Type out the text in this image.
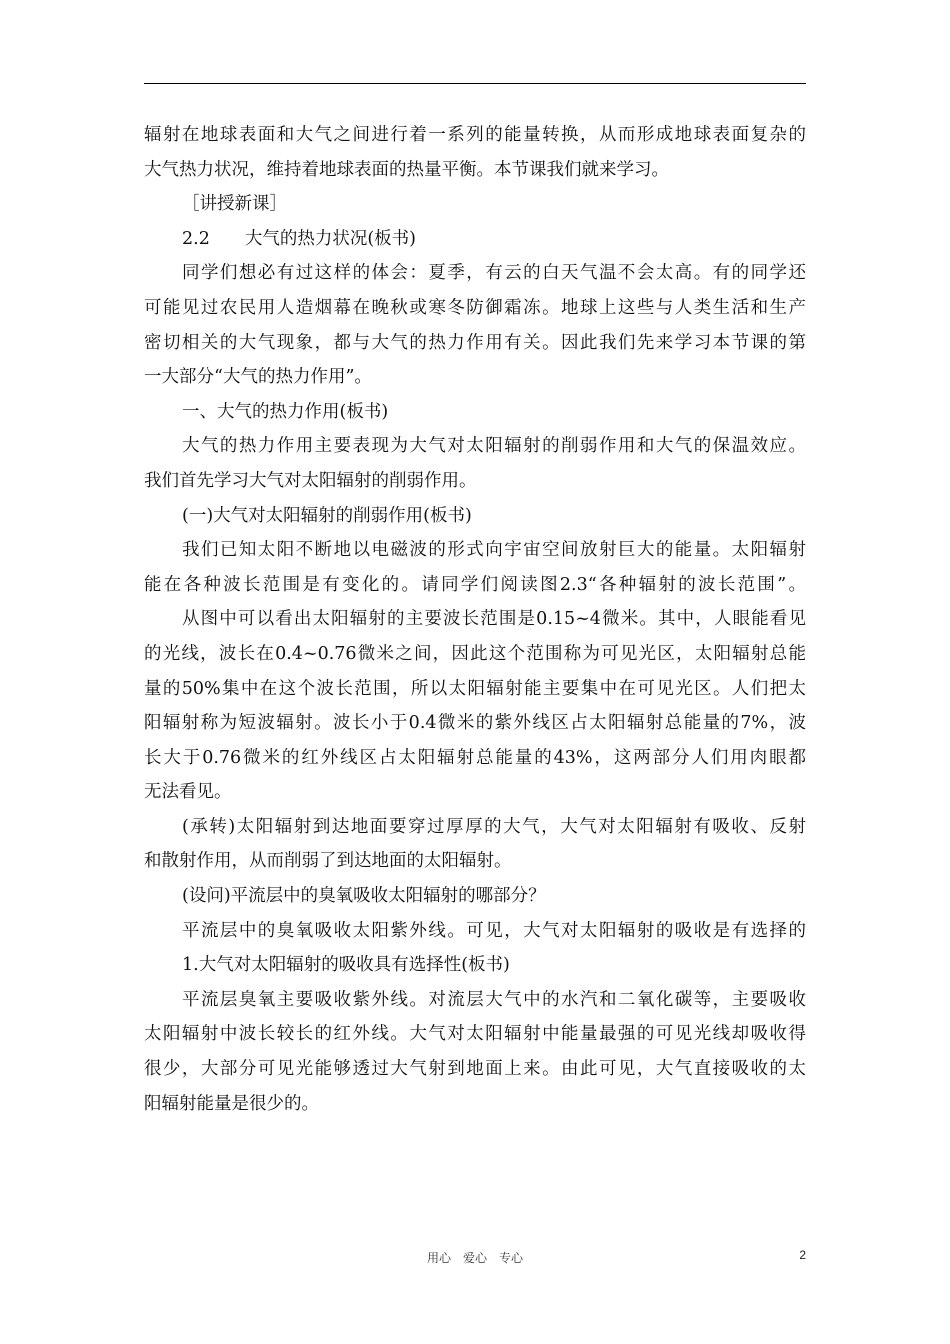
辐射在地球表面和大气之间进行着一系列的能量转换，从而形成地球表面复杂的
大气热力状况，维持着地球表面的热量平衡。本节课我们就来学习。
［讲授新课］
2.2　　大气的热力状况(板书)
同学们想必有过这样的体会：夏季，有云的白天气温不会太高。有的同学还
可能见过农民用人造烟幕在晚秋或寒冬防御霜冻。地球上这些与人类生活和生产
密切相关的大气现象，都与大气的热力作用有关。因此我们先来学习本节课的第
一大部分“大气的热力作用”。
一、大气的热力作用(板书)
大气的热力作用主要表现为大气对太阳辐射的削弱作用和大气的保温效应。
我们首先学习大气对太阳辐射的削弱作用。
(一)大气对太阳辐射的削弱作用(板书)
我们已知太阳不断地以电磁波的形式向宇宙空间放射巨大的能量。太阳辐射
能在各种波长范围是有变化的。请同学们阅读图2.3“各种辐射的波长范围”。
从图中可以看出太阳辐射的主要波长范围是0.15~4微米。其中，人眼能看见
的光线，波长在0.4~0.76微米之间，因此这个范围称为可见光区，太阳辐射总能
量的50%集中在这个波长范围，所以太阳辐射能主要集中在可见光区。人们把太
阳辐射称为短波辐射。波长小于0.4微米的紫外线区占太阳辐射总能量的7%，波
长大于0.76微米的红外线区占太阳辐射总能量的43%，这两部分人们用肉眼都
无法看见。
(承转)太阳辐射到达地面要穿过厚厚的大气，大气对太阳辐射有吸收、反射
和散射作用，从而削弱了到达地面的太阳辐射。
(设问)平流层中的臭氧吸收太阳辐射的哪部分？
平流层中的臭氧吸收太阳紫外线。可见，大气对太阳辐射的吸收是有选择的
1.大气对太阳辐射的吸收具有选择性(板书)
平流层臭氧主要吸收紫外线。对流层大气中的水汽和二氧化碳等，主要吸收
太阳辐射中波长较长的红外线。大气对太阳辐射中能量最强的可见光线却吸收得
很少，大部分可见光能够透过大气射到地面上来。由此可见，大气直接吸收的太
阳辐射能量是很少的。
用心　爱心　专心	2
